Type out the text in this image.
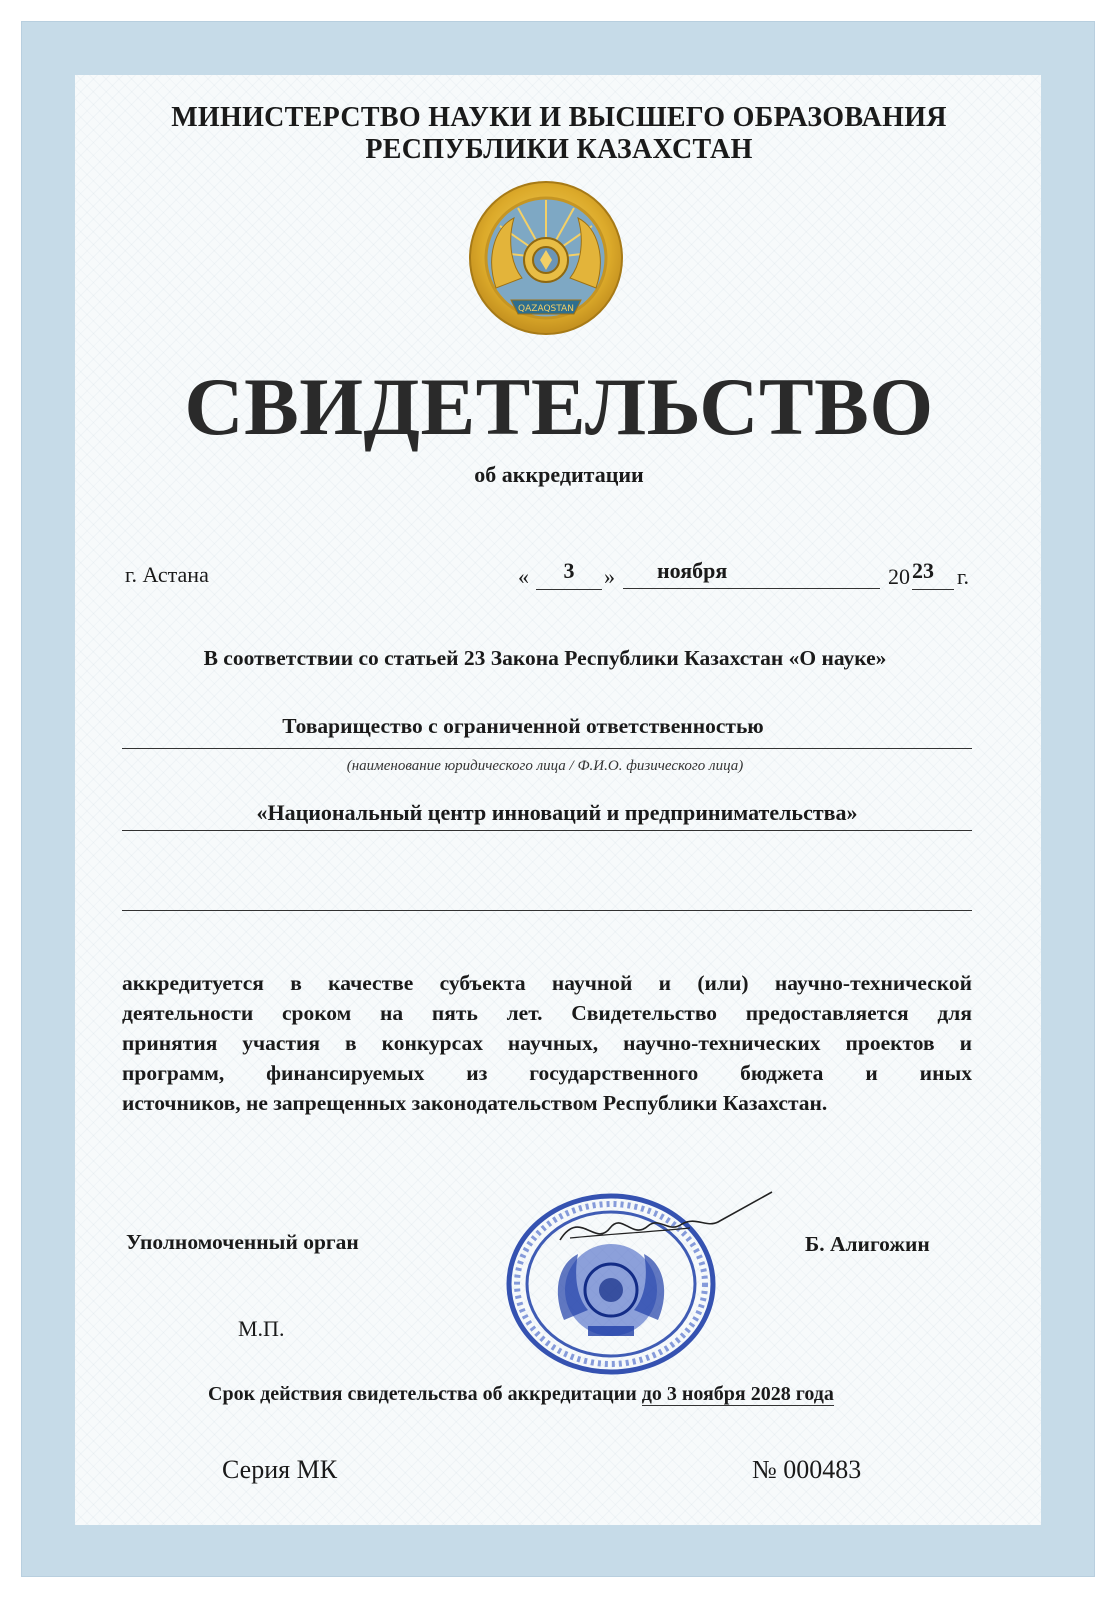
МИНИСТЕРСТВО НАУКИ И ВЫСШЕГО ОБРАЗОВАНИЯ
РЕСПУБЛИКИ КАЗАХСТАН
QAZAQSTAN
СВИДЕТЕЛЬСТВО
об аккредитации
г. Астана	«	3	»	ноября	20 23	г.
В соответствии со статьей 23 Закона Республики Казахстан «О науке»
Товарищество с ограниченной ответственностью
(наименование юридического лица / Ф.И.О. физического лица)
«Национальный центр инноваций и предпринимательства»
аккредитуется в качестве субъекта научной и (или) научно-технической
деятельности сроком на пять лет. Свидетельство предоставляется для
принятия участия в конкурсах научных, научно-технических проектов и
программ, финансируемых из государственного бюджета и иных
источников, не запрещенных законодательством Республики Казахстан.
Уполномоченный орган	Б. Алигожин
М.П.
Срок действия свидетельства об аккредитации до 3 ноября 2028 года
Серия МК	№ 000483
